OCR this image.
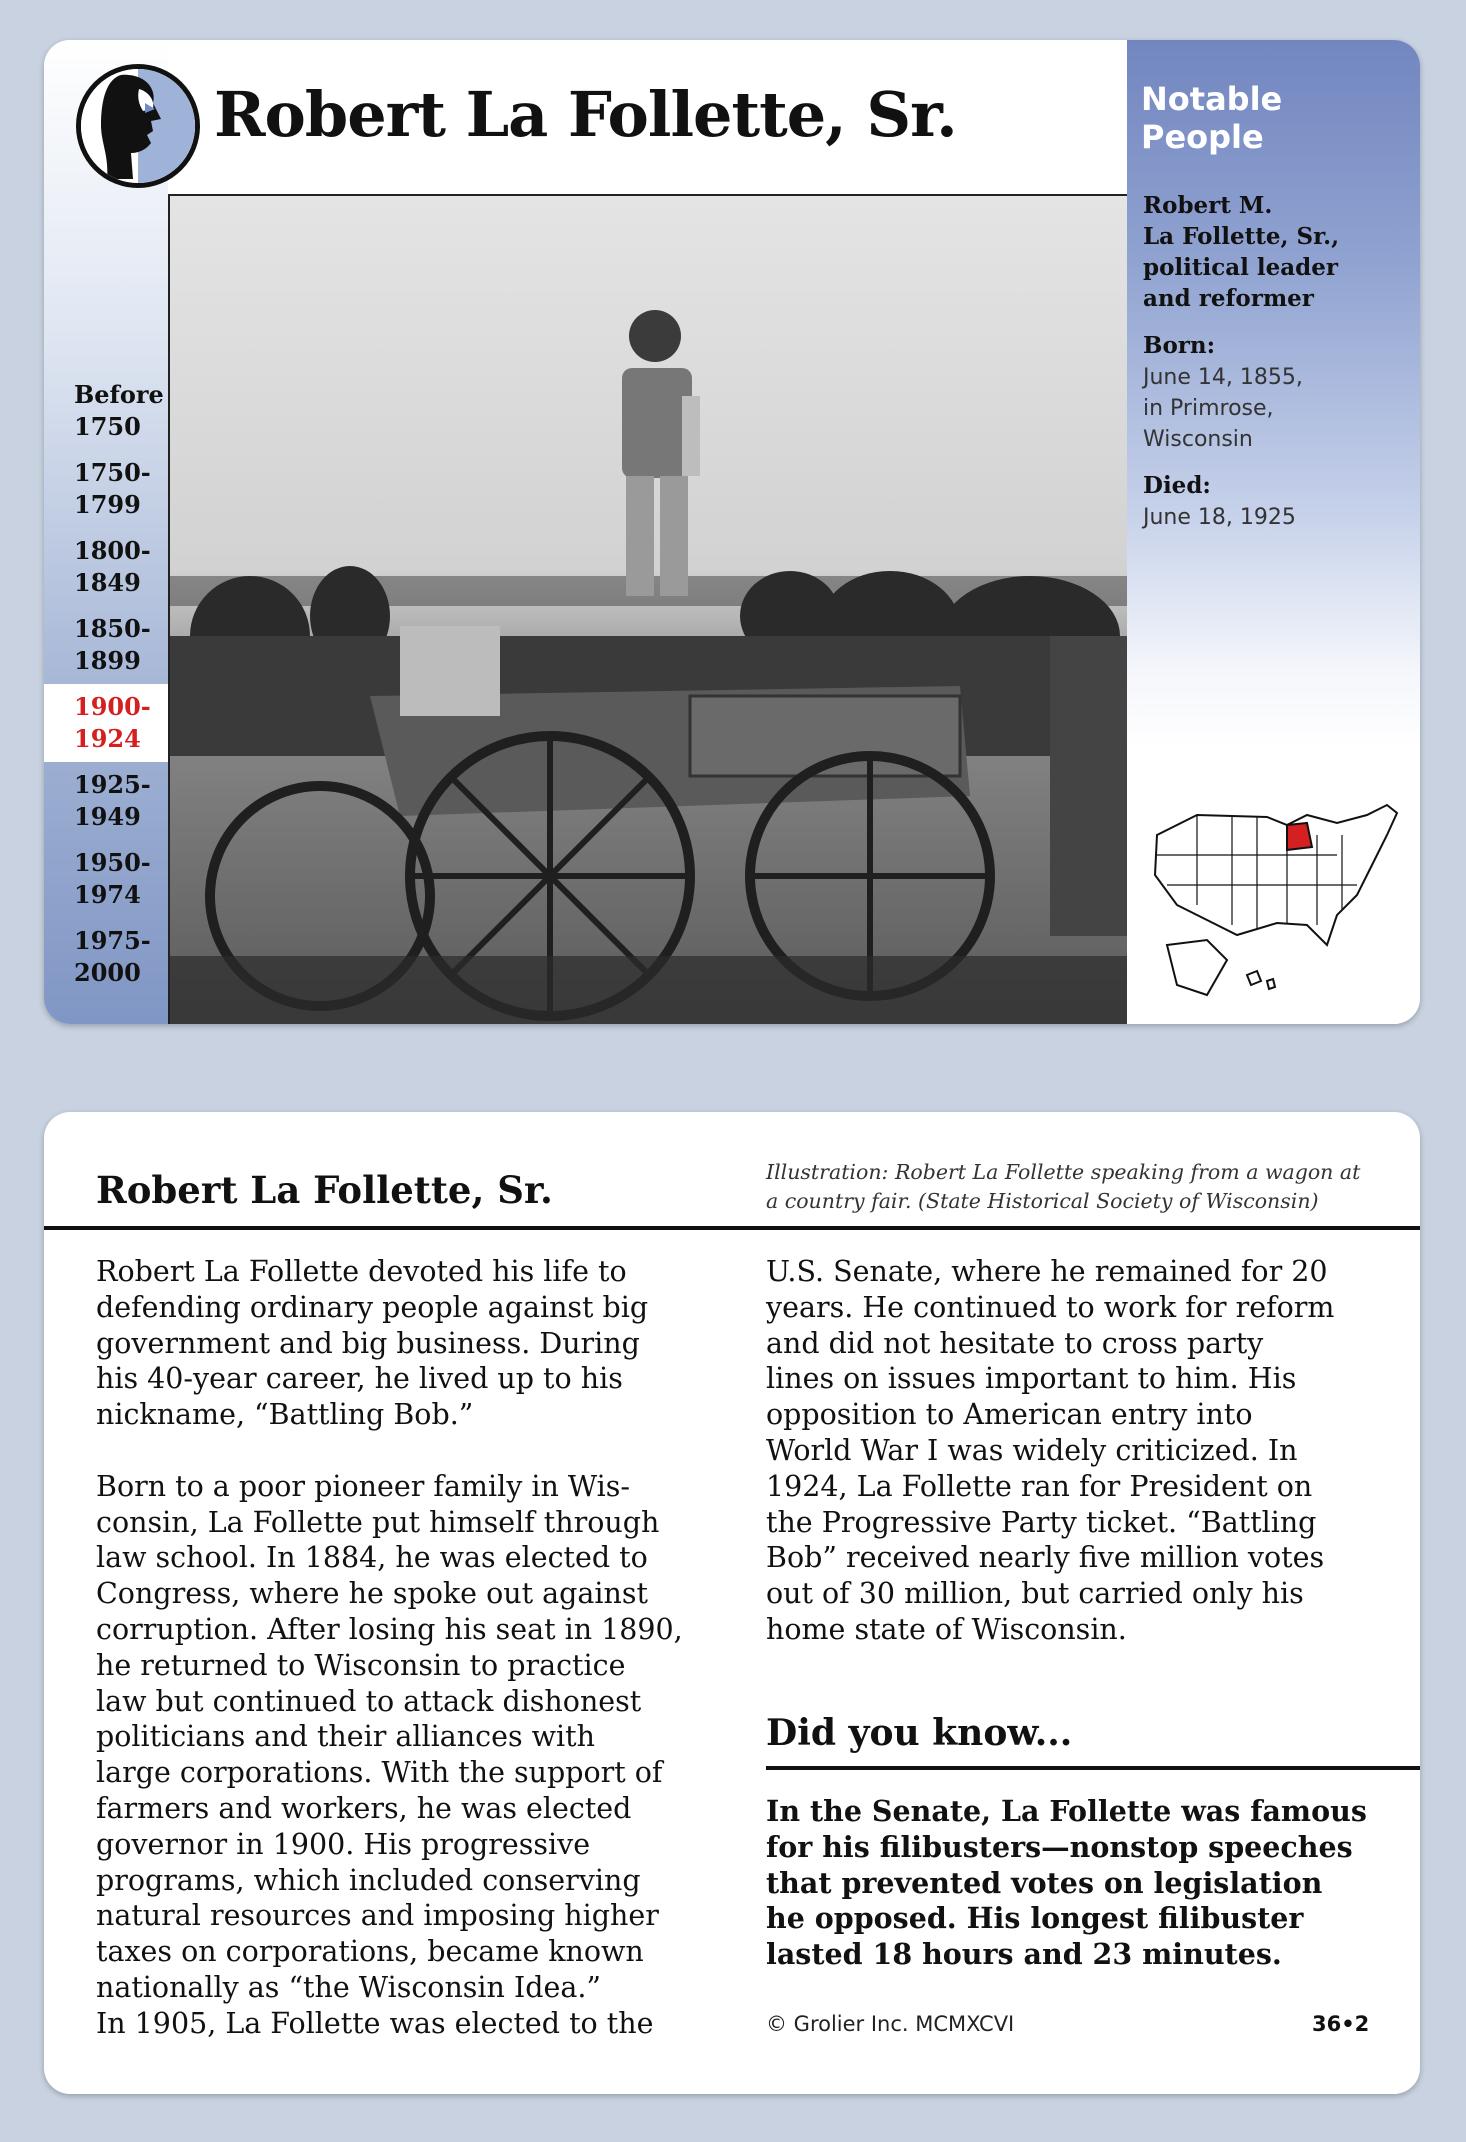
Before
1750
1750-
1799
1800-
1849
1850-
1899
1900-
1924
1925-
1949
1950-
1974
1975-
2000
Robert La Follette, Sr.	Notable People
Robert M.
La Follette, Sr.,
political leader
and reformer
Born:
June 14, 1855,
in Primrose,
Wisconsin
Died:
June 18, 1925
Robert La Follette, Sr.	Illustration: Robert La Follette speaking from a wagon at
a country fair. (State Historical Society of Wisconsin)

Robert La Follette devoted his life to

defending ordinary people against big

government and big business. During

his 40-year career, he lived up to his

nickname, “Battling Bob.”

Born to a poor pioneer family in Wis-

consin, La Follette put himself through

law school. In 1884, he was elected to

Congress, where he spoke out against

corruption. After losing his seat in 1890,

he returned to Wisconsin to practice

law but continued to attack dishonest

politicians and their alliances with

large corporations. With the support of

farmers and workers, he was elected

governor in 1900. His progressive

programs, which included conserving

natural resources and imposing higher

taxes on corporations, became known

nationally as “the Wisconsin Idea.”

In 1905, La Follette was elected to the

U.S. Senate, where he remained for 20

years. He continued to work for reform

and did not hesitate to cross party

lines on issues important to him. His

opposition to American entry into

World War I was widely criticized. In

1924, La Follette ran for President on

the Progressive Party ticket. “Battling

Bob” received nearly five million votes

out of 30 million, but carried only his

home state of Wisconsin.

Did you know...
In the Senate, La Follette was famous
for his filibusters—nonstop speeches
that prevented votes on legislation
he opposed. His longest filibuster
lasted 18 hours and 23 minutes.
© Grolier Inc. MCMXCVI	36•2
